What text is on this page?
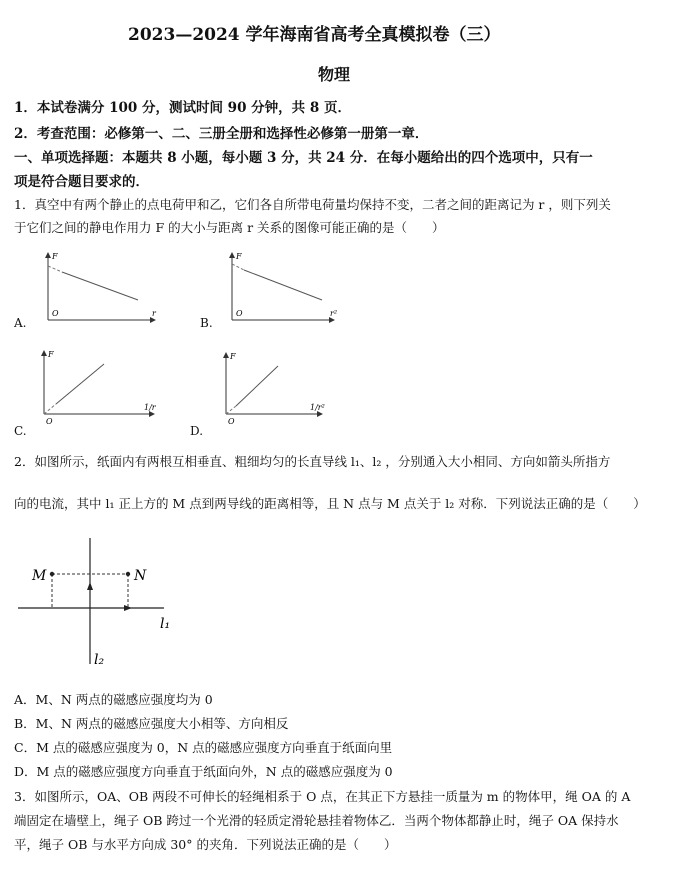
2023—2024 学年海南省高考全真模拟卷（三）
物理
1．本试卷满分 100 分，测试时间 90 分钟，共 8 页．
2．考查范围：必修第一、二、三册全册和选择性必修第一册第一章．
一、单项选择题：本题共 8 小题，每小题 3 分，共 24 分．在每小题给出的四个选项中，只有一
项是符合题目要求的．
1．真空中有两个静止的点电荷甲和乙，它们各自所带电荷量均保持不变，二者之间的距离记为 r ，则下列关
于它们之间的静电作用力 F 的大小与距离 r 关系的图像可能正确的是（　　）
F
r
O
A.
F
r²
O
B.
F
1/r
O
C.
F
1/r²
O
D.
2．如图所示，纸面内有两根互相垂直、粗细均匀的长直导线 l₁、l₂ ，分别通入大小相同、方向如箭头所指方
向的电流，其中 l₁ 正上方的 M 点到两导线的距离相等，且 N 点与 M 点关于 l₂ 对称．下列说法正确的是（　　）
M	N
l₁
l₂
A．M、N 两点的磁感应强度均为 0
B．M、N 两点的磁感应强度大小相等、方向相反
C．M 点的磁感应强度为 0，N 点的磁感应强度方向垂直于纸面向里
D．M 点的磁感应强度方向垂直于纸面向外，N 点的磁感应强度为 0
3．如图所示，OA、OB 两段不可伸长的轻绳相系于 O 点，在其正下方悬挂一质量为 m 的物体甲，绳 OA 的 A
端固定在墙壁上，绳子 OB 跨过一个光滑的轻质定滑轮悬挂着物体乙．当两个物体都静止时，绳子 OA 保持水
平，绳子 OB 与水平方向成 30° 的夹角．下列说法正确的是（　　）
